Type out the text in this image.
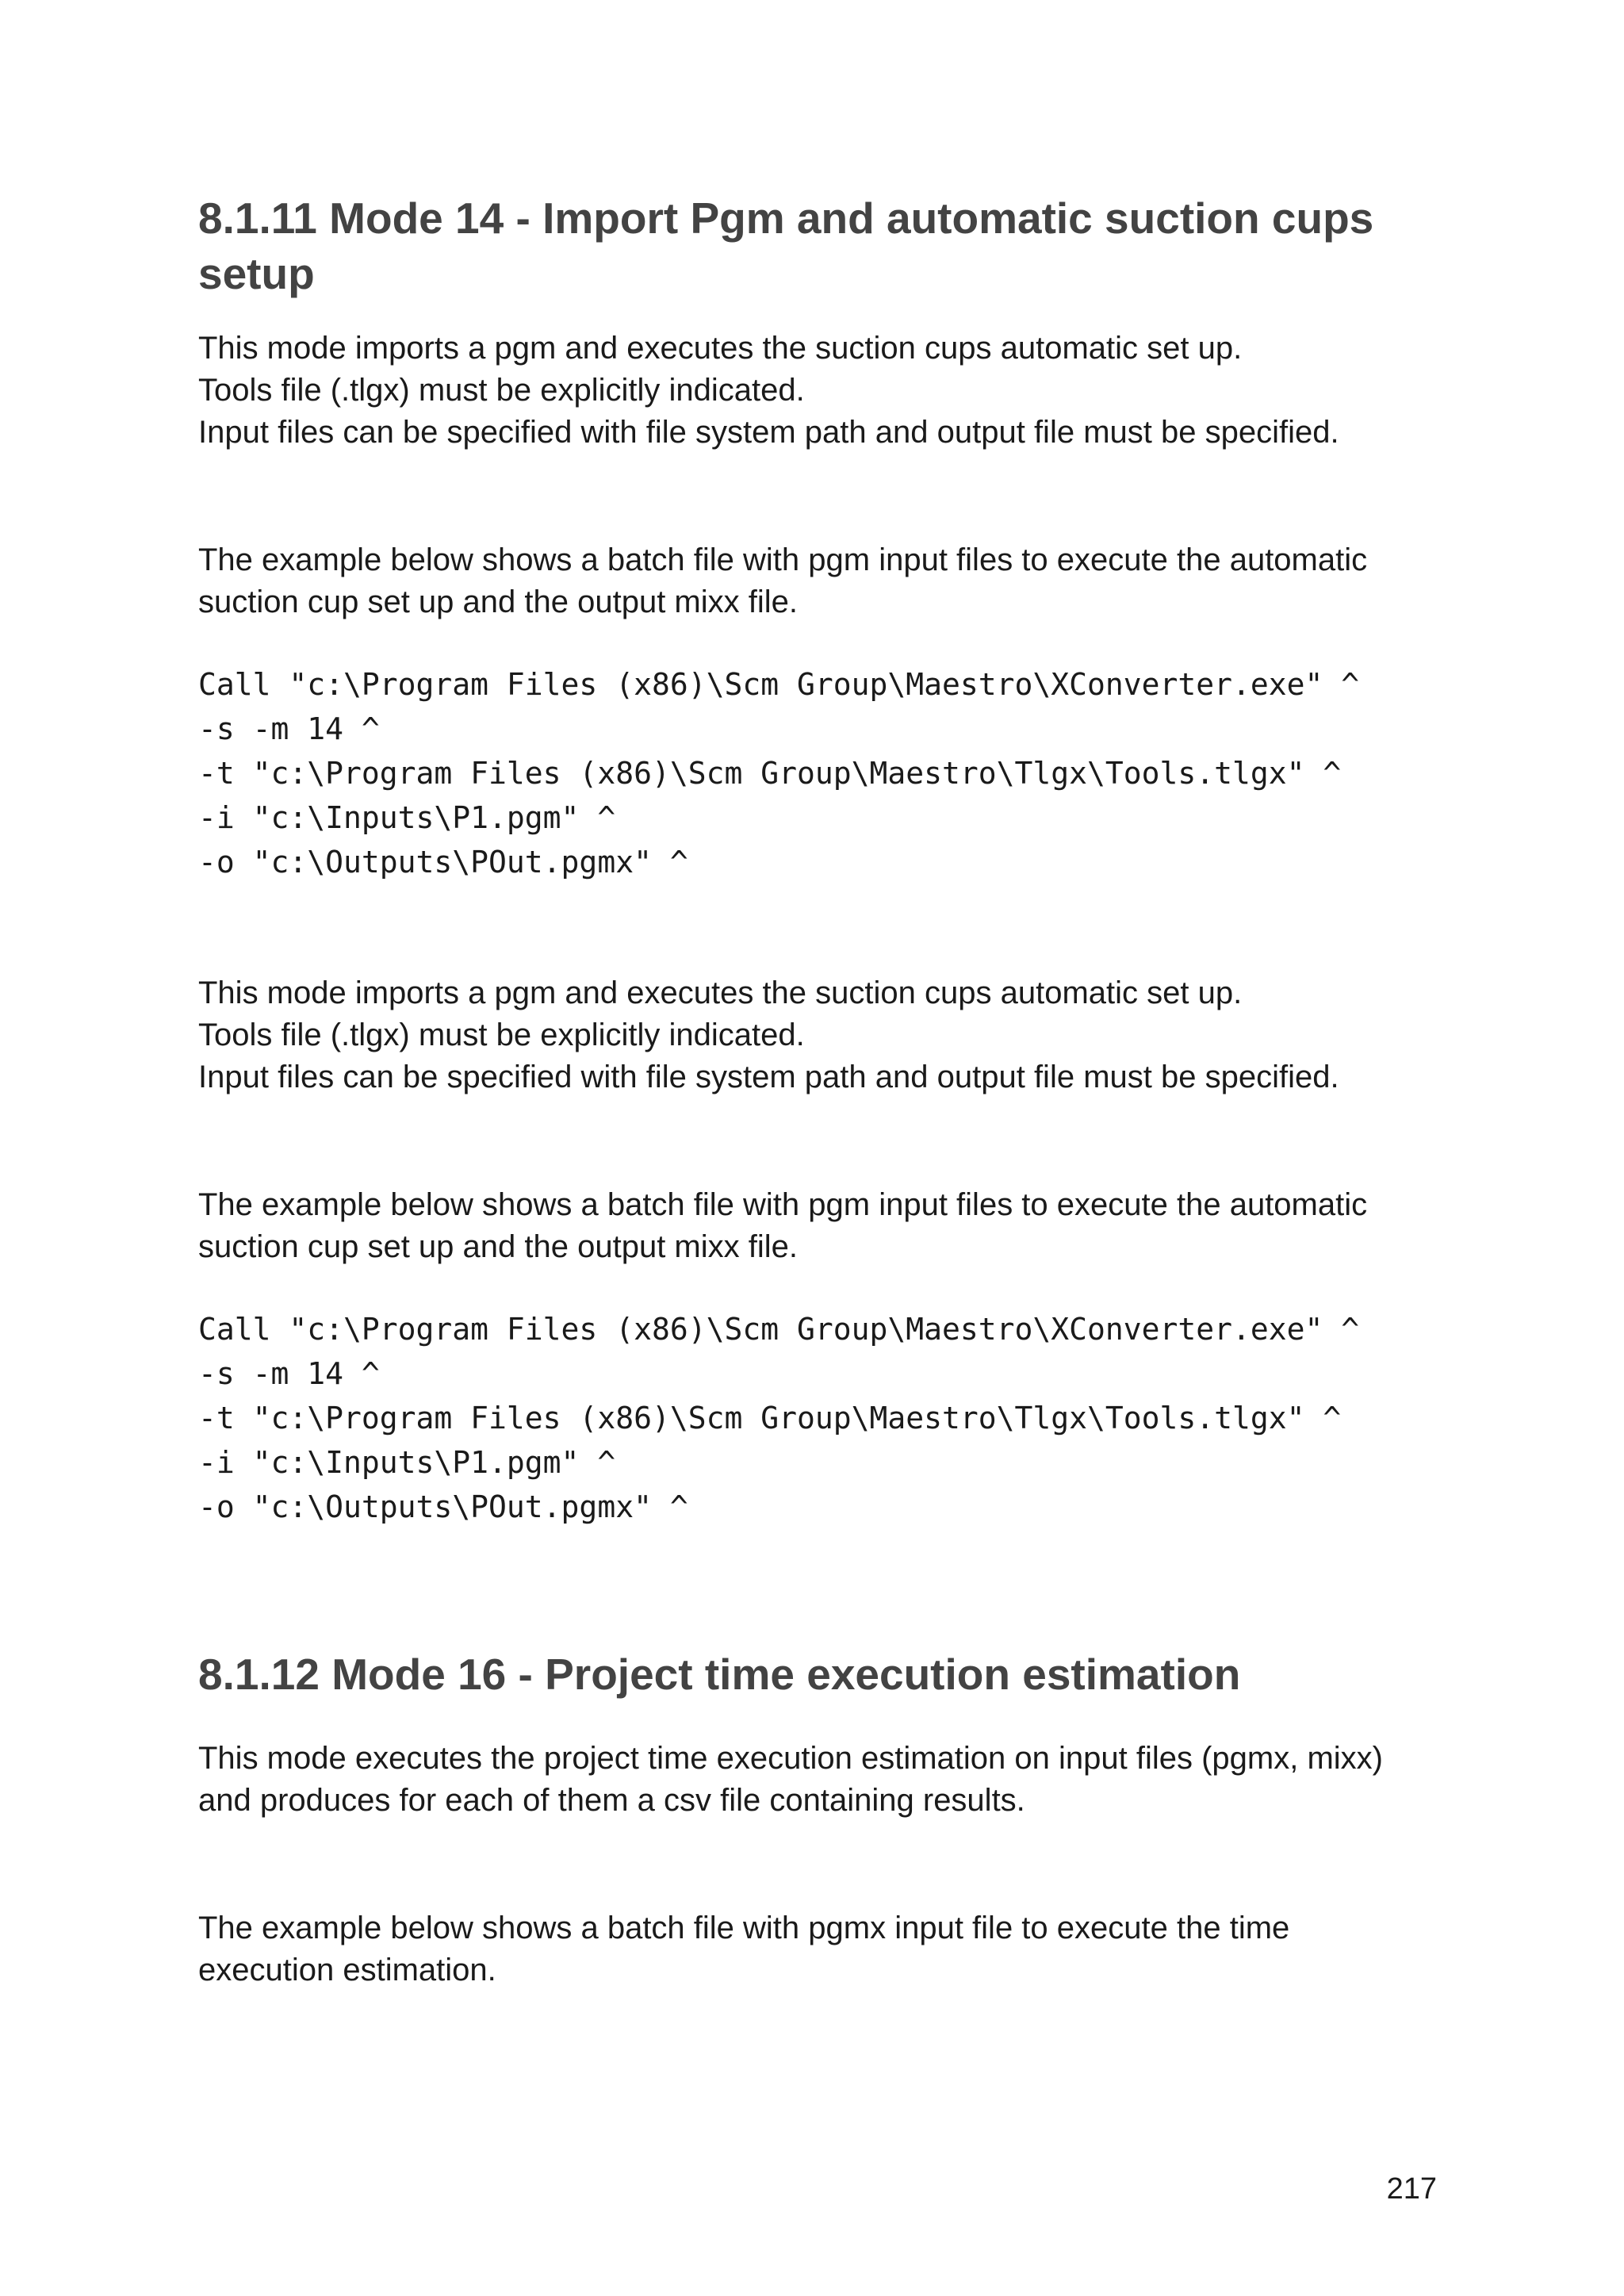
8.1.11 Mode 14 - Import Pgm and automatic suction cups
setup

This mode imports a pgm and executes the suction cups automatic set up.
Tools file (.tlgx) must be explicitly indicated.
Input files can be specified with file system path and output file must be specified.

The example below shows a batch file with pgm input files to execute the automatic
suction cup set up and the output mixx file.

Call "c:\Program Files (x86)\Scm Group\Maestro\XConverter.exe" ^
-s -m 14 ^
-t "c:\Program Files (x86)\Scm Group\Maestro\Tlgx\Tools.tlgx" ^
-i "c:\Inputs\P1.pgm" ^
-o "c:\Outputs\POut.pgmx" ^

This mode imports a pgm and executes the suction cups automatic set up.
Tools file (.tlgx) must be explicitly indicated.
Input files can be specified with file system path and output file must be specified.

The example below shows a batch file with pgm input files to execute the automatic
suction cup set up and the output mixx file.

Call "c:\Program Files (x86)\Scm Group\Maestro\XConverter.exe" ^
-s -m 14 ^
-t "c:\Program Files (x86)\Scm Group\Maestro\Tlgx\Tools.tlgx" ^
-i "c:\Inputs\P1.pgm" ^
-o "c:\Outputs\POut.pgmx" ^
8.1.12 Mode 16 - Project time execution estimation

This mode executes the project time execution estimation on input files (pgmx, mixx)
and produces for each of them a csv file containing results.

The example below shows a batch file with pgmx input file to execute the time
execution estimation.

217
